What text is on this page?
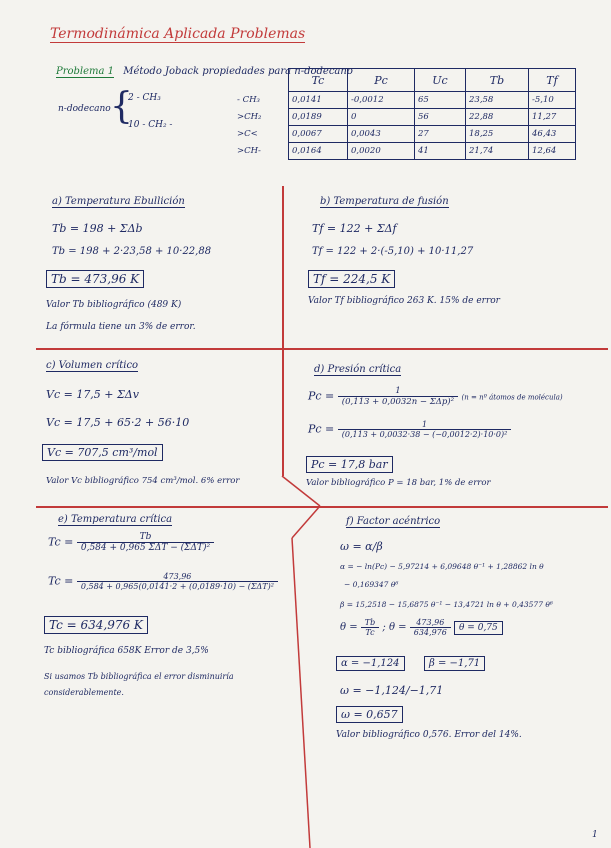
Termodinámica Aplicada Problemas
Problema 1 Método Joback propiedades para n-dodecano
n-dodecano {
2 - CH₃
10 - CH₂ -
	Tc	Pc	Uc	Tb	Tf
- CH₃	0,0141	-0,0012	65	23,58	-5,10
>CH₂	0,0189	0	56	22,88	11,27
>C<	0,0067	0,0043	27	18,25	46,43
>CH-	0,0164	0,0020	41	21,74	12,64
a) Temperatura Ebullición
Tb = 198 + ΣΔb
Tb = 198 + 2·23,58 + 10·22,88
Tb = 473,96 K
Valor Tb bibliográfico (489 K)
La fórmula tiene un 3% de error.
b) Temperatura de fusión
Tf = 122 + ΣΔf
Tf = 122 + 2·(-5,10) + 10·11,27
Tf = 224,5 K
Valor Tf bibliográfico 263 K. 15% de error
c) Volumen crítico
Vc = 17,5 + ΣΔv
Vc = 17,5 + 65·2 + 56·10
Vc = 707,5 cm³/mol
Valor Vc bibliográfico 754 cm³/mol. 6% error
d) Presión crítica
$Pc = \frac{1}{\text{(0,113 + 0,0032n − ΣΔp)²}} (n$ = nº átomos de molécula)
$Pc = \frac{1}{\text{(0,113 + 0,0032·38 − (−0,0012·2)·10·0)²}}$
Pc = 17,8 bar
Valor bibliográfico P = 18 bar, 1% de error
e) Temperatura crítica
$Tc = \frac{Tb}{\text{0,584 + 0,965 ΣΔT − (ΣΔT)²}}$
$Tc = \frac{473,96}{\text{0,584 + 0,965(0,0141·2 + (0,0189·10) − (ΣΔT)²}}$
Tc = 634,976 K
Tc bibliográfica 658K Error de 3,5%
Si usamos Tb bibliográfica el error disminuiría
considerablemente.
f) Factor acéntrico
ω = α/β
α = − ln(Pc) − 5,97214 + 6,09648 θ⁻¹ + 1,28862 ln θ
− 0,169347 θ⁶
β = 15,2518 − 15,6875 θ⁻¹ − 13,4721 ln θ + 0,43577 θ⁶
$\theta = \frac{Tb}{Tc}$ ; $\theta = \frac{473,96}{634,976}$ θ = 0,75
α = −1,124	β = −1,71
ω = −1,124/−1,71
ω = 0,657
Valor bibliográfico 0,576. Error del 14%.
1
